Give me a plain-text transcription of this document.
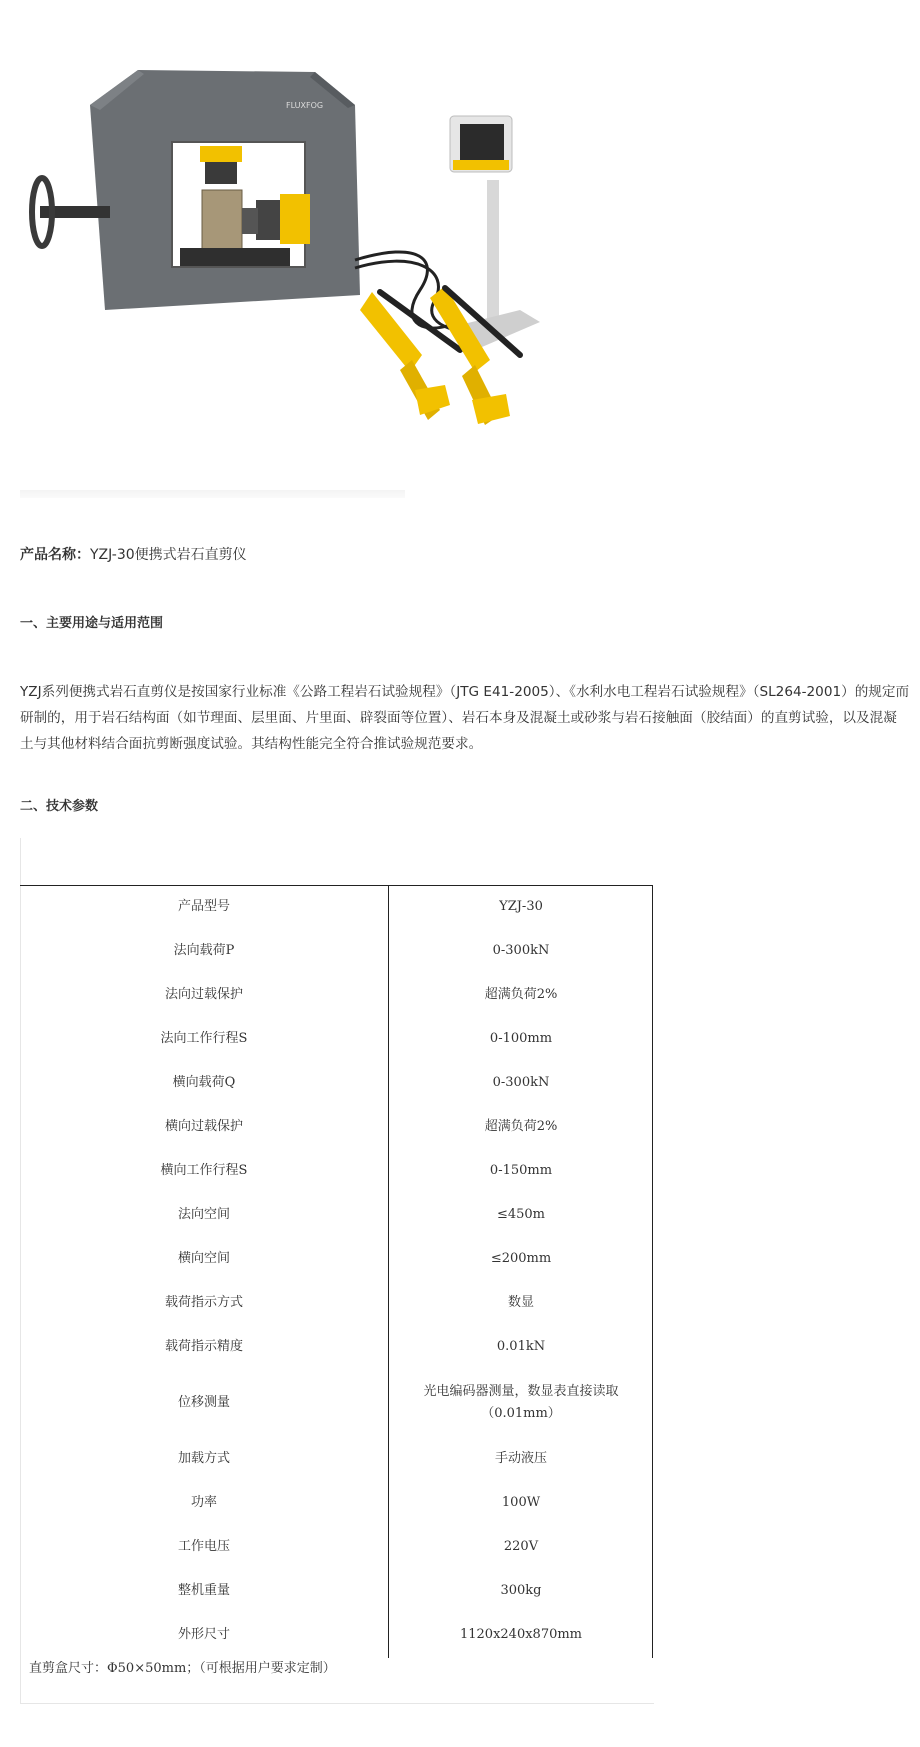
FLUXFOG
产品名称：YZJ-30便携式岩石直剪仪
一、主要用途与适用范围
YZJ系列便携式岩石直剪仪是按国家行业标准《公路工程岩石试验规程》（JTG E41-2005）、《水利水电工程岩石试验规程》（SL264-2001）的规定而研制的，用于岩石结构面（如节理面、层里面、片里面、辟裂面等位置）、岩石本身及混凝土或砂浆与岩石接触面（胶结面）的直剪试验，以及混凝土与其他材料结合面抗剪断强度试验。其结构性能完全符合推试验规范要求。
二、技术参数
产品型号	YZJ-30
法向载荷P	0-300kN
法向过载保护	超满负荷2%
法向工作行程S	0-100mm
横向载荷Q	0-300kN
横向过载保护	超满负荷2%
横向工作行程S	0-150mm
法向空间	≤450m
横向空间	≤200mm
载荷指示方式	数显
载荷指示精度	0.01kN
位移测量	光电编码器测量，数显表直接读取（0.01mm）
加载方式	手动液压
功率	100W
工作电压	220V
整机重量	300kg
外形尺寸	1120x240x870mm
直剪盒尺寸：Φ50×50mm；（可根据用户要求定制）
